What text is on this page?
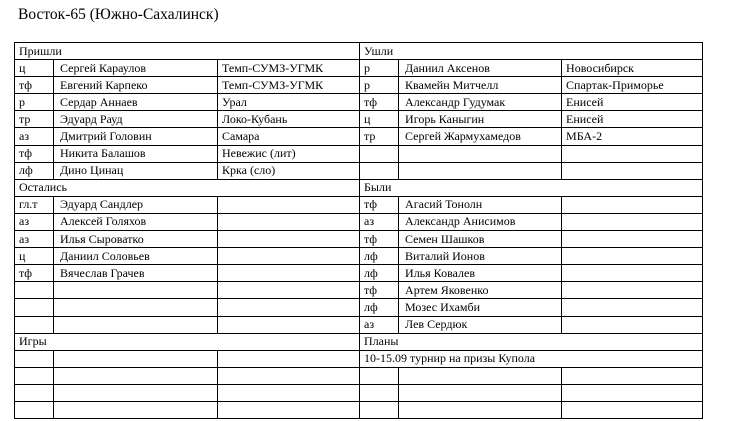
Восток-65 (Южно-Сахалинск)
Пришли			Ушли		
ц	Сергей Караулов	Темп-СУМЗ-УГМК	р	Даниил Аксенов	Новосибирск
тф	Евгений Карпеко	Темп-СУМЗ-УГМК	р	Квамейн Митчелл	Спартак-Приморье
р	Сердар Аннаев	Урал	тф	Александр Гудумак	Енисей
тр	Эдуард Рауд	Локо-Кубань	ц	Игорь Каныгин	Енисей
аз	Дмитрий Головин	Самара	тр	Сергей Жармухамедов	МБА-2
тф	Никита Балашов	Невежис (лит)			
лф	Дино Цинац	Крка (сло)			
Остались			Были		
гл.т	Эдуард Сандлер		тф	Агасий Тонолн	
аз	Алексей Голяхов		аз	Александр Анисимов	
аз	Илья Сыроватко		тф	Семен Шашков	
ц	Даниил Соловьев		лф	Виталий Ионов	
тф	Вячеслав Грачев		лф	Илья Ковалев	
			тф	Артем Яковенко	
			лф	Мозес Ихамби	
			аз	Лев Сердюк	
Игры			Планы		
			10-15.09 турнир на призы Купола		
